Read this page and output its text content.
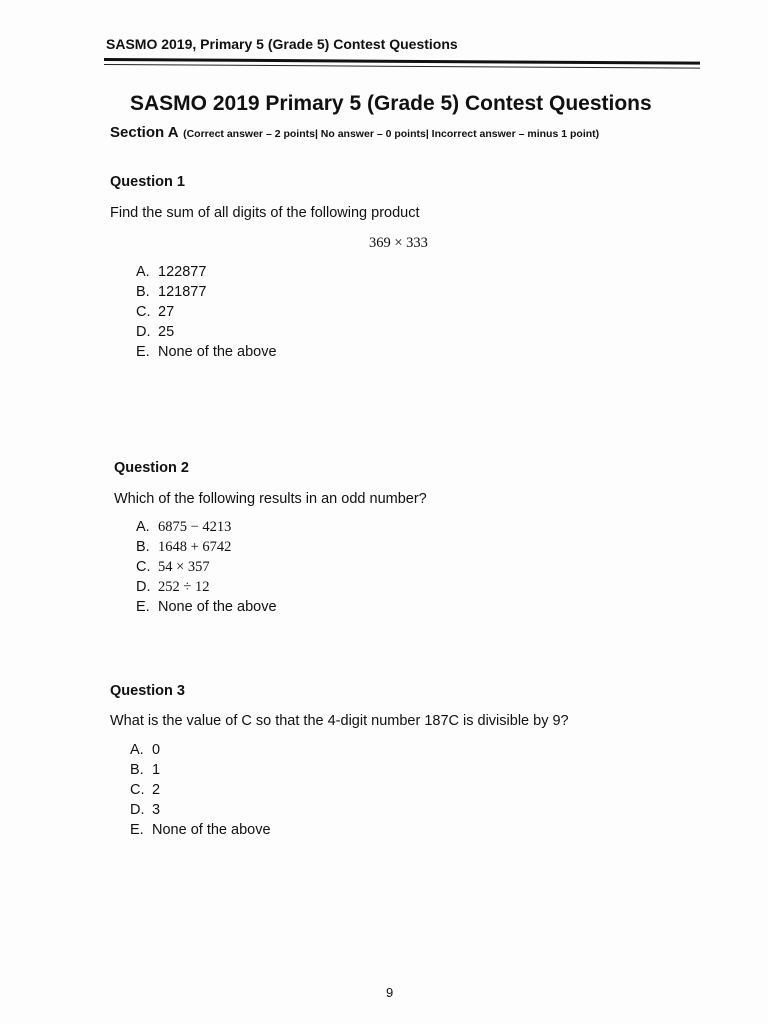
SASMO 2019, Primary 5 (Grade 5) Contest Questions
SASMO 2019 Primary 5 (Grade 5) Contest Questions
Section A (Correct answer – 2 points| No answer – 0 points| Incorrect answer – minus 1 point)
Question 1
Find the sum of all digits of the following product
369 × 333
A. 122877
B. 121877
C. 27
D. 25
E. None of the above
Question 2
Which of the following results in an odd number?
A. 6875 − 4213
B. 1648 + 6742
C. 54 × 357
D. 252 ÷ 12
E. None of the above
Question 3
What is the value of C so that the 4-digit number 187C is divisible by 9?
A. 0
B. 1
C. 2
D. 3
E. None of the above
9
